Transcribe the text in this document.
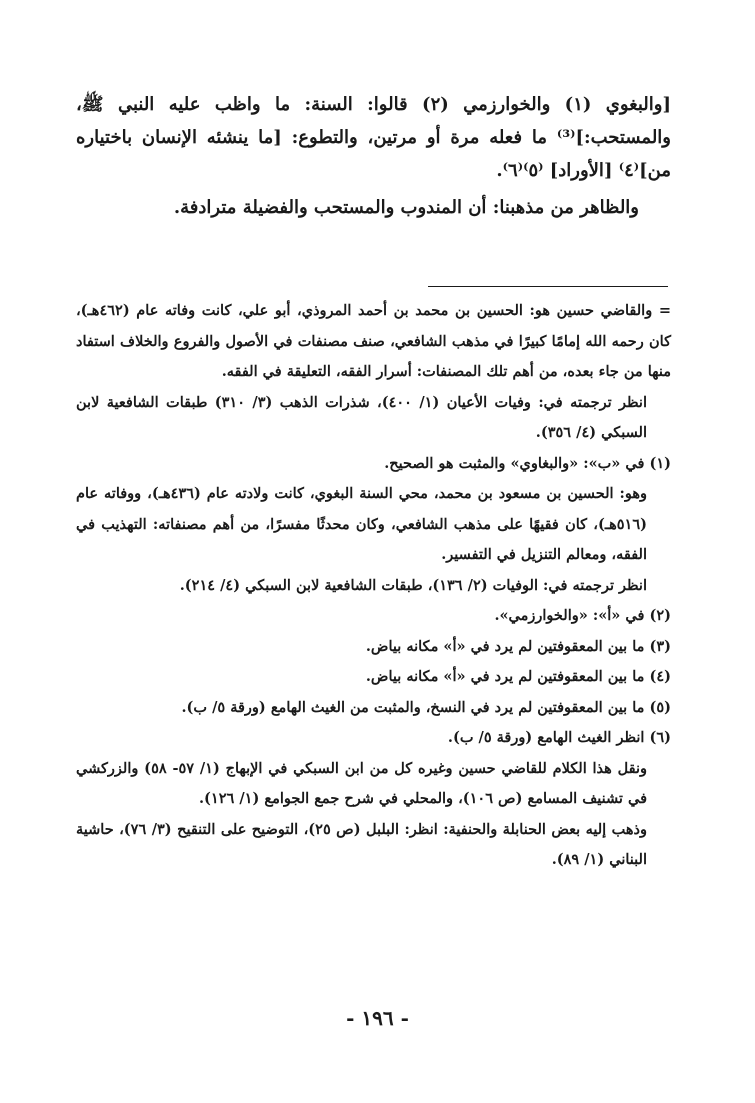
[والبغوي (١) والخوارزمي (٢) قالوا: السنة: ما واظب عليه النبي ﷺ، والمستحب:]⁽³⁾ ما فعله مرة أو مرتين، والتطوع: [ما ينشئه الإنسان باختياره من]⁽٤⁾ [الأوراد] ⁽٥⁾⁽٦⁾.

والظاهر من مذهبنا: أن المندوب والمستحب والفضيلة مترادفة.

= والقاضي حسين هو: الحسين بن محمد بن أحمد المروذي، أبو علي، كانت وفاته عام (٤٦٢هـ)، كان رحمه الله إمامًا كبيرًا في مذهب الشافعي، صنف مصنفات في الأصول والفروع والخلاف استفاد منها من جاء بعده، من أهم تلك المصنفات: أسرار الفقه، التعليقة في الفقه.

انظر ترجمته في: وفيات الأعيان (١/ ٤٠٠)، شذرات الذهب (٣/ ٣١٠) طبقات الشافعية لابن السبكي (٤/ ٣٥٦).

(١) في «ب»: «والبغاوي» والمثبت هو الصحيح.

وهو: الحسين بن مسعود بن محمد، محي السنة البغوي، كانت ولادته عام (٤٣٦هـ)، ووفاته عام (٥١٦هـ)، كان فقيهًا على مذهب الشافعي، وكان محدثًا مفسرًا، من أهم مصنفاته: التهذيب في الفقه، ومعالم التنزيل في التفسير.

انظر ترجمته في: الوفيات (٢/ ١٣٦)، طبقات الشافعية لابن السبكي (٤/ ٢١٤).

(٢) في «أ»: «والخوارزمي».

(٣) ما بين المعقوفتين لم يرد في «أ» مكانه بياض.

(٤) ما بين المعقوفتين لم يرد في «أ» مكانه بياض.

(٥) ما بين المعقوفتين لم يرد في النسخ، والمثبت من الغيث الهامع (ورقة ٥/ ب).

(٦) انظر الغيث الهامع (ورقة ٥/ ب).

ونقل هذا الكلام للقاضي حسين وغيره كل من ابن السبكي في الإبهاج (١/ ٥٧- ٥٨) والزركشي في تشنيف المسامع (ص ١٠٦)، والمحلي في شرح جمع الجوامع (١/ ١٢٦).

وذهب إليه بعض الحنابلة والحنفية: انظر: البلبل (ص ٢٥)، التوضيح على التنقيح (٣/ ٧٦)، حاشية البناني (١/ ٨٩).

- ١٩٦ -
